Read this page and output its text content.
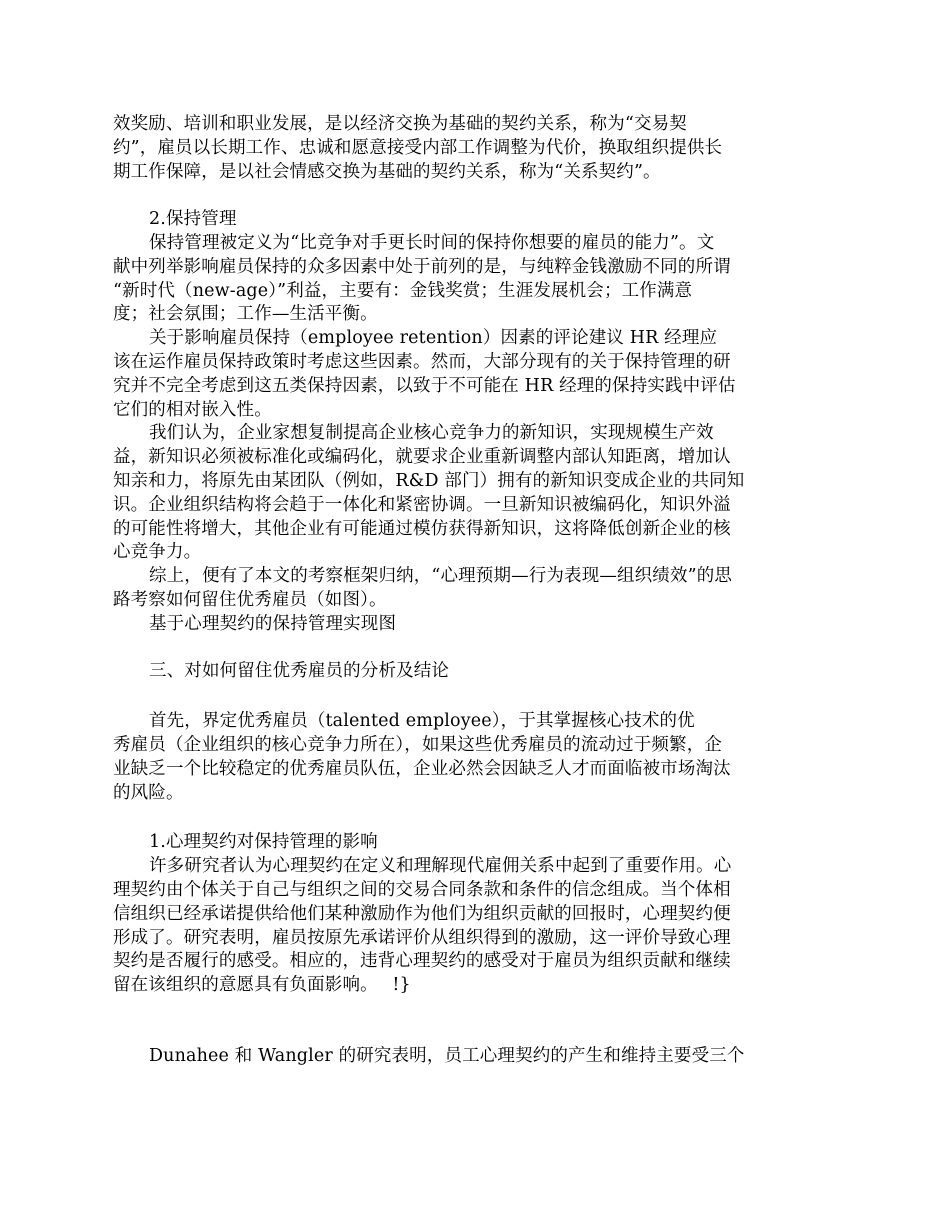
效奖励、培训和职业发展，是以经济交换为基础的契约关系，称为“交易契
约”，雇员以长期工作、忠诚和愿意接受内部工作调整为代价，换取组织提供长
期工作保障，是以社会情感交换为基础的契约关系，称为“关系契约”。
2.保持管理
保持管理被定义为“比竞争对手更长时间的保持你想要的雇员的能力”。文
献中列举影响雇员保持的众多因素中处于前列的是，与纯粹金钱激励不同的所谓
“新时代（new-age）”利益，主要有：金钱奖赏；生涯发展机会；工作满意
度；社会氛围；工作—生活平衡。
关于影响雇员保持（employee retention）因素的评论建议 HR 经理应
该在运作雇员保持政策时考虑这些因素。然而，大部分现有的关于保持管理的研
究并不完全考虑到这五类保持因素，以致于不可能在 HR 经理的保持实践中评估
它们的相对嵌入性。
我们认为，企业家想复制提高企业核心竞争力的新知识，实现规模生产效
益，新知识必须被标准化或编码化，就要求企业重新调整内部认知距离，增加认
知亲和力，将原先由某团队（例如，R&D 部门）拥有的新知识变成企业的共同知
识。企业组织结构将会趋于一体化和紧密协调。一旦新知识被编码化，知识外溢
的可能性将增大，其他企业有可能通过模仿获得新知识，这将降低创新企业的核
心竞争力。
综上，便有了本文的考察框架归纳，“心理预期—行为表现—组织绩效”的思
路考察如何留住优秀雇员（如图）。
基于心理契约的保持管理实现图
三、对如何留住优秀雇员的分析及结论
首先，界定优秀雇员（talented employee），于其掌握核心技术的优
秀雇员（企业组织的核心竞争力所在），如果这些优秀雇员的流动过于频繁，企
业缺乏一个比较稳定的优秀雇员队伍，企业必然会因缺乏人才而面临被市场淘汰
的风险。
1.心理契约对保持管理的影响
许多研究者认为心理契约在定义和理解现代雇佣关系中起到了重要作用。心
理契约由个体关于自己与组织之间的交易合同条款和条件的信念组成。当个体相
信组织已经承诺提供给他们某种激励作为他们为组织贡献的回报时，心理契约便
形成了。研究表明，雇员按原先承诺评价从组织得到的激励，这一评价导致心理
契约是否履行的感受。相应的，违背心理契约的感受对于雇员为组织贡献和继续
留在该组织的意愿具有负面影响。　 !}
Dunahee 和 Wangler 的研究表明，员工心理契约的产生和维持主要受三个
